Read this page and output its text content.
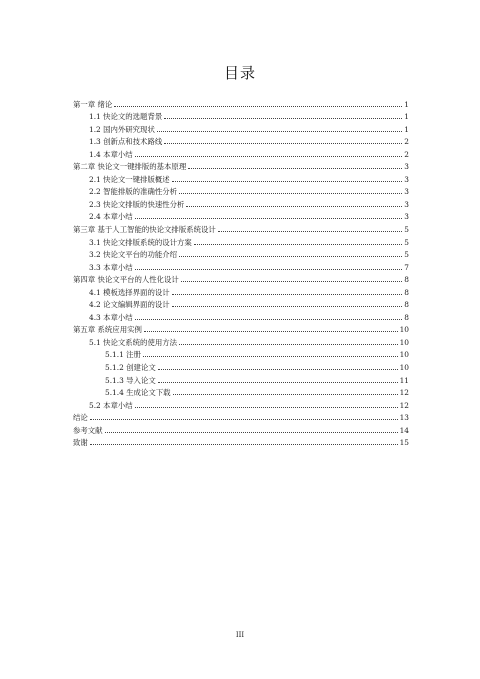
目录
第一章 绪论	1
1.1 快论文的选题背景	1
1.2 国内外研究现状	1
1.3 创新点和技术路线	2
1.4 本章小结	2
第二章 快论文一键排版的基本原理	3
2.1 快论文一键排版概述	3
2.2 智能排版的准确性分析	3
2.3 快论文排版的快速性分析	3
2.4 本章小结	3
第三章 基于人工智能的快论文排版系统设计	5
3.1 快论文排版系统的设计方案	5
3.2 快论文平台的功能介绍	5
3.3 本章小结	7
第四章 快论文平台的人性化设计	8
4.1 模板选择界面的设计	8
4.2 论文编辑界面的设计	8
4.3 本章小结	8
第五章 系统应用实例	10
5.1 快论文系统的使用方法	10
5.1.1 注册	10
5.1.2 创建论文	10
5.1.3 导入论文	11
5.1.4 生成论文下载	12
5.2 本章小结	12
结论	13
参考文献	14
致谢	15
III
